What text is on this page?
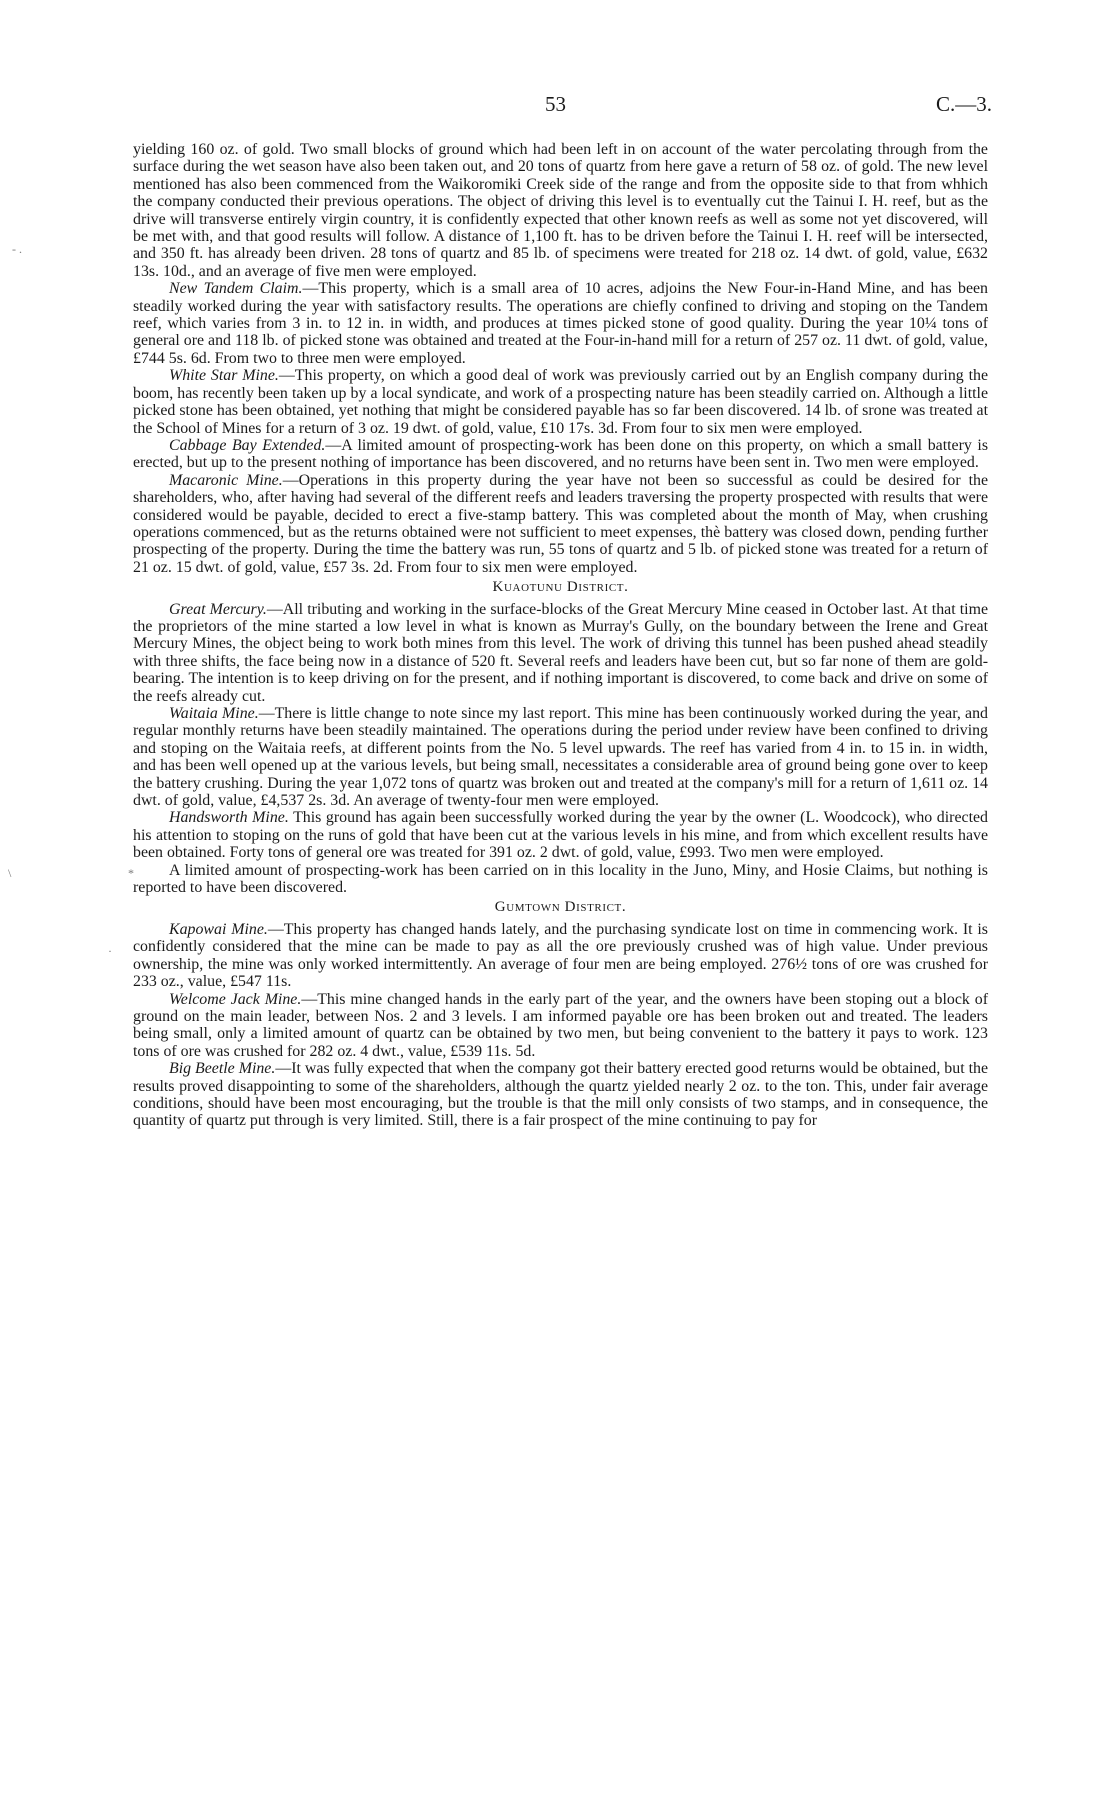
53	C.—3.
- .
\	*
·

yielding 160 oz. of gold. Two small blocks of ground which had been left in on account of the water percolating through from the surface during the wet season have also been taken out, and 20 tons of quartz from here gave a return of 58 oz. of gold. The new level mentioned has also been commenced from the Waikoromiki Creek side of the range and from the opposite side to that from whhich the company conducted their previous operations. The object of driving this level is to eventually cut the Tainui I. H. reef, but as the drive will transverse entirely virgin country, it is confidently expected that other known reefs as well as some not yet discovered, will be met with, and that good results will follow. A distance of 1,100 ft. has to be driven before the Tainui I. H. reef will be intersected, and 350 ft. has already been driven. 28 tons of quartz and 85 lb. of specimens were treated for 218 oz. 14 dwt. of gold, value, £632 13s. 10d., and an average of five men were employed.

New Tandem Claim.—This property, which is a small area of 10 acres, adjoins the New Four-in-Hand Mine, and has been steadily worked during the year with satisfactory results. The operations are chiefly confined to driving and stoping on the Tandem reef, which varies from 3 in. to 12 in. in width, and produces at times picked stone of good quality. During the year 10¼ tons of general ore and 118 lb. of picked stone was obtained and treated at the Four-in-hand mill for a return of 257 oz. 11 dwt. of gold, value, £744 5s. 6d. From two to three men were employed.

White Star Mine.—This property, on which a good deal of work was previously carried out by an English company during the boom, has recently been taken up by a local syndicate, and work of a prospecting nature has been steadily carried on. Although a little picked stone has been obtained, yet nothing that might be considered payable has so far been discovered. 14 lb. of srone was treated at the School of Mines for a return of 3 oz. 19 dwt. of gold, value, £10 17s. 3d. From four to six men were employed.

Cabbage Bay Extended.—A limited amount of prospecting-work has been done on this property, on which a small battery is erected, but up to the present nothing of importance has been discovered, and no returns have been sent in. Two men were employed.

Macaronic Mine.—Operations in this property during the year have not been so successful as could be desired for the shareholders, who, after having had several of the different reefs and leaders traversing the property prospected with results that were considered would be payable, decided to erect a five-stamp battery. This was completed about the month of May, when crushing operations commenced, but as the returns obtained were not sufficient to meet expenses, thè battery was closed down, pending further prospecting of the property. During the time the battery was run, 55 tons of quartz and 5 lb. of picked stone was treated for a return of 21 oz. 15 dwt. of gold, value, £57 3s. 2d. From four to six men were employed.

Kuaotunu District.

Great Mercury.—All tributing and working in the surface-blocks of the Great Mercury Mine ceased in October last. At that time the proprietors of the mine started a low level in what is known as Murray's Gully, on the boundary between the Irene and Great Mercury Mines, the object being to work both mines from this level. The work of driving this tunnel has been pushed ahead steadily with three shifts, the face being now in a distance of 520 ft. Several reefs and leaders have been cut, but so far none of them are gold-bearing. The intention is to keep driving on for the present, and if nothing important is discovered, to come back and drive on some of the reefs already cut.

Waitaia Mine.—There is little change to note since my last report. This mine has been continuously worked during the year, and regular monthly returns have been steadily maintained. The operations during the period under review have been confined to driving and stoping on the Waitaia reefs, at different points from the No. 5 level upwards. The reef has varied from 4 in. to 15 in. in width, and has been well opened up at the various levels, but being small, necessitates a considerable area of ground being gone over to keep the battery crushing. During the year 1,072 tons of quartz was broken out and treated at the company's mill for a return of 1,611 oz. 14 dwt. of gold, value, £4,537 2s. 3d. An average of twenty-four men were employed.

Handsworth Mine. This ground has again been successfully worked during the year by the owner (L. Woodcock), who directed his attention to stoping on the runs of gold that have been cut at the various levels in his mine, and from which excellent results have been obtained. Forty tons of general ore was treated for 391 oz. 2 dwt. of gold, value, £993. Two men were employed.

A limited amount of prospecting-work has been carried on in this locality in the Juno, Miny, and Hosie Claims, but nothing is reported to have been discovered.

Gumtown District.

Kapowai Mine.—This property has changed hands lately, and the purchasing syndicate lost on time in commencing work. It is confidently considered that the mine can be made to pay as all the ore previously crushed was of high value. Under previous ownership, the mine was only worked intermittently. An average of four men are being employed. 276½ tons of ore was crushed for 233 oz., value, £547 11s.

Welcome Jack Mine.—This mine changed hands in the early part of the year, and the owners have been stoping out a block of ground on the main leader, between Nos. 2 and 3 levels. I am informed payable ore has been broken out and treated. The leaders being small, only a limited amount of quartz can be obtained by two men, but being convenient to the battery it pays to work. 123 tons of ore was crushed for 282 oz. 4 dwt., value, £539 11s. 5d.

Big Beetle Mine.—It was fully expected that when the company got their battery erected good returns would be obtained, but the results proved disappointing to some of the shareholders, although the quartz yielded nearly 2 oz. to the ton. This, under fair average conditions, should have been most encouraging, but the trouble is that the mill only consists of two stamps, and in consequence, the quantity of quartz put through is very limited. Still, there is a fair prospect of the mine continuing to pay for
